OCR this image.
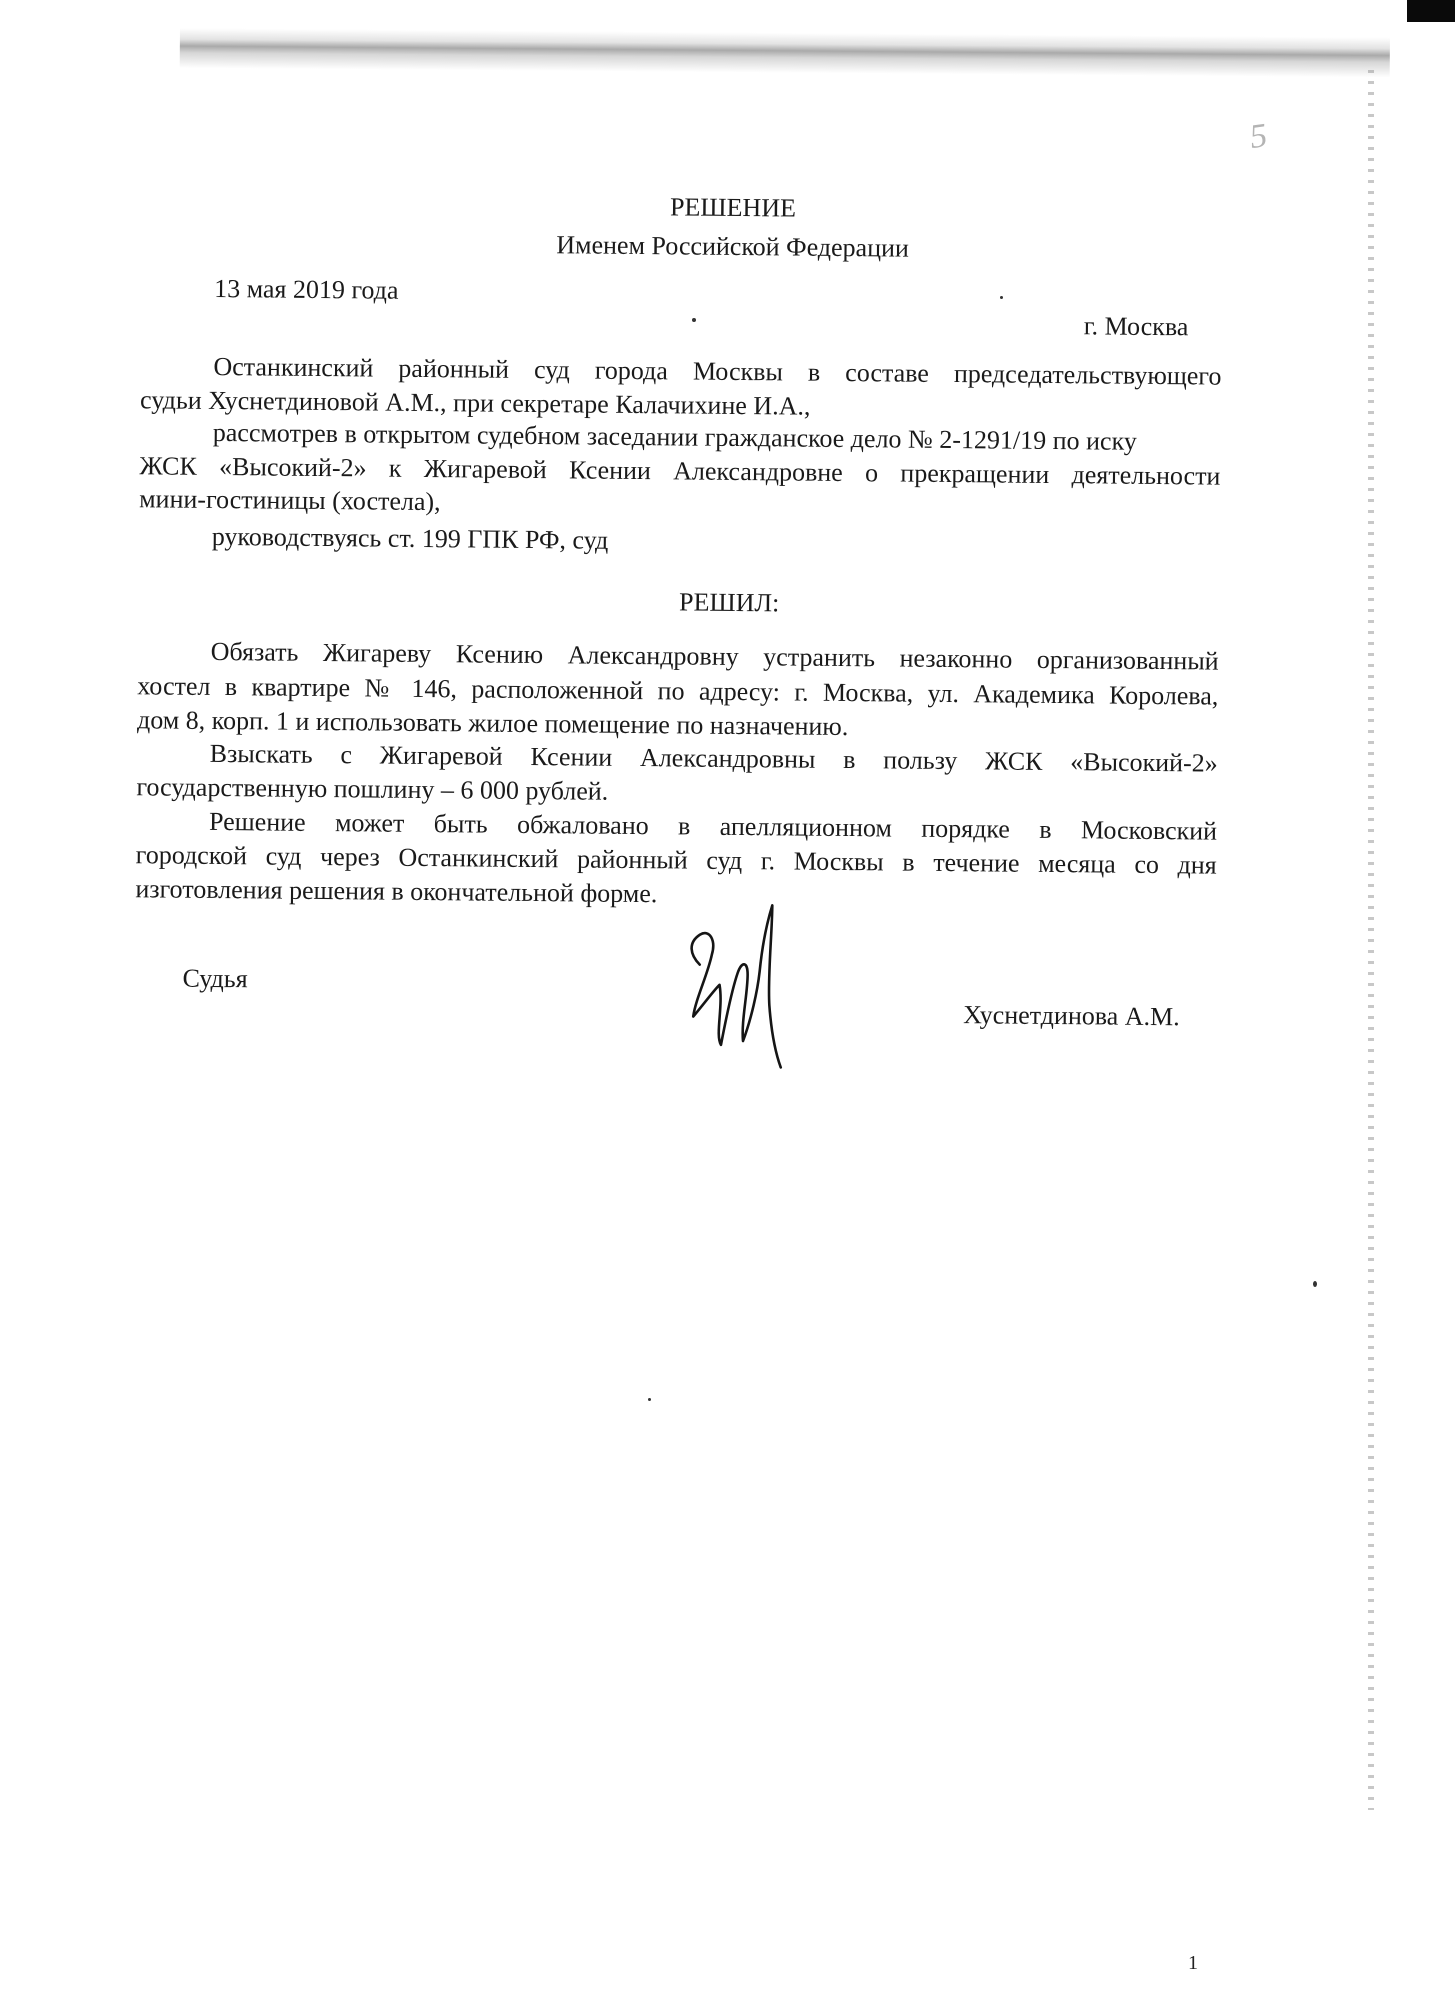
5
РЕШЕНИЕ
Именем Российской Федерации
13 мая 2019 года
г. Москва
Останкинский районный суд города Москвы в составе председательствующего
судьи Хуснетдиновой А.М., при секретаре Калачихине И.А.,
рассмотрев в открытом судебном заседании гражданское дело № 2-1291/19 по иску
ЖСК «Высокий-2» к Жигаревой Ксении Александровне о прекращении деятельности
мини-гостиницы (хостела),
руководствуясь ст. 199 ГПК РФ, суд
РЕШИЛ:
Обязать Жигареву Ксению Александровну устранить незаконно организованный
хостел в квартире № 146, расположенной по адресу: г. Москва, ул. Академика Королева,
дом 8, корп. 1 и использовать жилое помещение по назначению.
Взыскать с Жигаревой Ксении Александровны в пользу ЖСК «Высокий-2»
государственную пошлину – 6 000 рублей.
Решение может быть обжаловано в апелляционном порядке в Московский
городской суд через Останкинский районный суд г. Москвы в течение месяца со дня
изготовления решения в окончательной форме.
Судья
Хуснетдинова А.М.
1
